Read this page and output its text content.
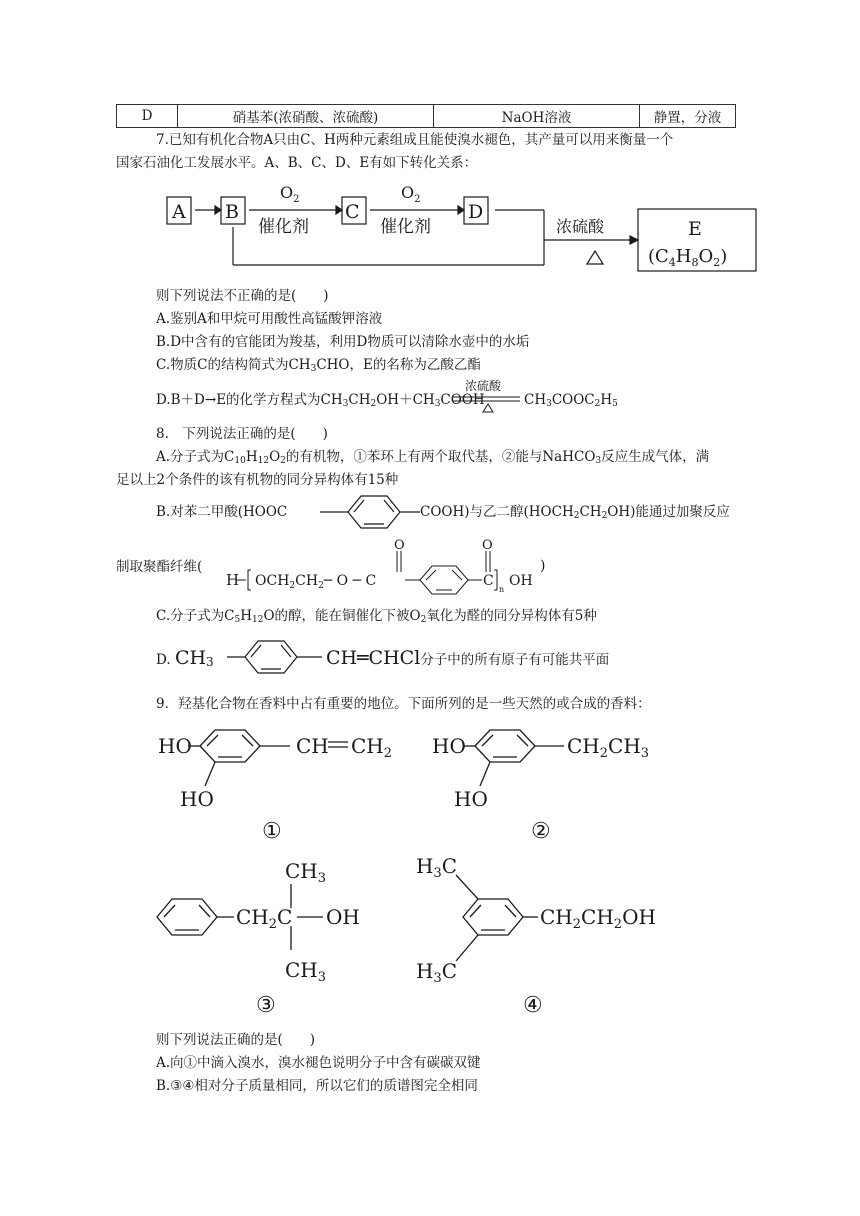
D	硝基苯(浓硝酸、浓硫酸)	NaOH溶液	静置，分液
7.已知有机化合物A只由C、H两种元素组成且能使溴水褪色，其产量可以用来衡量一个
国家石油化工发展水平。A、B、C、D、E有如下转化关系：
A B	C	D
E
$O_2$	$O_2$
催化剂	催化剂	浓硫酸
$(C_4H_8O_2)$
浓硫酸
O	O
H $OCH_2CH_2─$ O ─ C	C
n
OH
)
HO	CH $CH_2$
HO
HO	$CH_2CH_3$
HO
$CH_3$
$CH_2C$ OH
$CH_3$
$H_3C$
$CH_2CH_2OH$
$H_3C$
①	②
③	④
则下列说法不正确的是(　　)
A.鉴别A和甲烷可用酸性高锰酸钾溶液
B.D中含有的官能团为羧基，利用D物质可以清除水壶中的水垢
C.物质C的结构简式为$CH_3CHO$，E的名称为乙酸乙酯
D.B＋D→E的化学方程式为$CH_3CH_2OH+CH_3COOH$	$CH_3COOC_2H_5$
8.　下列说法正确的是(　　)
A.分子式为$C_{10}H_{12}O_2$的有机物，①苯环上有两个取代基，②能与NaHCO$_3$反应生成气体，满
足以上2个条件的该有机物的同分异构体有15种
B.对苯二甲酸(HOOC	COOH)与乙二醇$(HOCH_2CH_2OH)$能通过加聚反应
制取聚酯纤维(
C.分子式为$C_5H_{12}O$的醇，能在铜催化下被$O_2$氧化为醛的同分异构体有5种
D. $CH_3$	CH═CHCl分子中的所有原子有可能共平面
9．羟基化合物在香料中占有重要的地位。下面所列的是一些天然的或合成的香料：
则下列说法正确的是(　　)
A.向①中滴入溴水，溴水褪色说明分子中含有碳碳双键
B.③④相对分子质量相同，所以它们的质谱图完全相同
